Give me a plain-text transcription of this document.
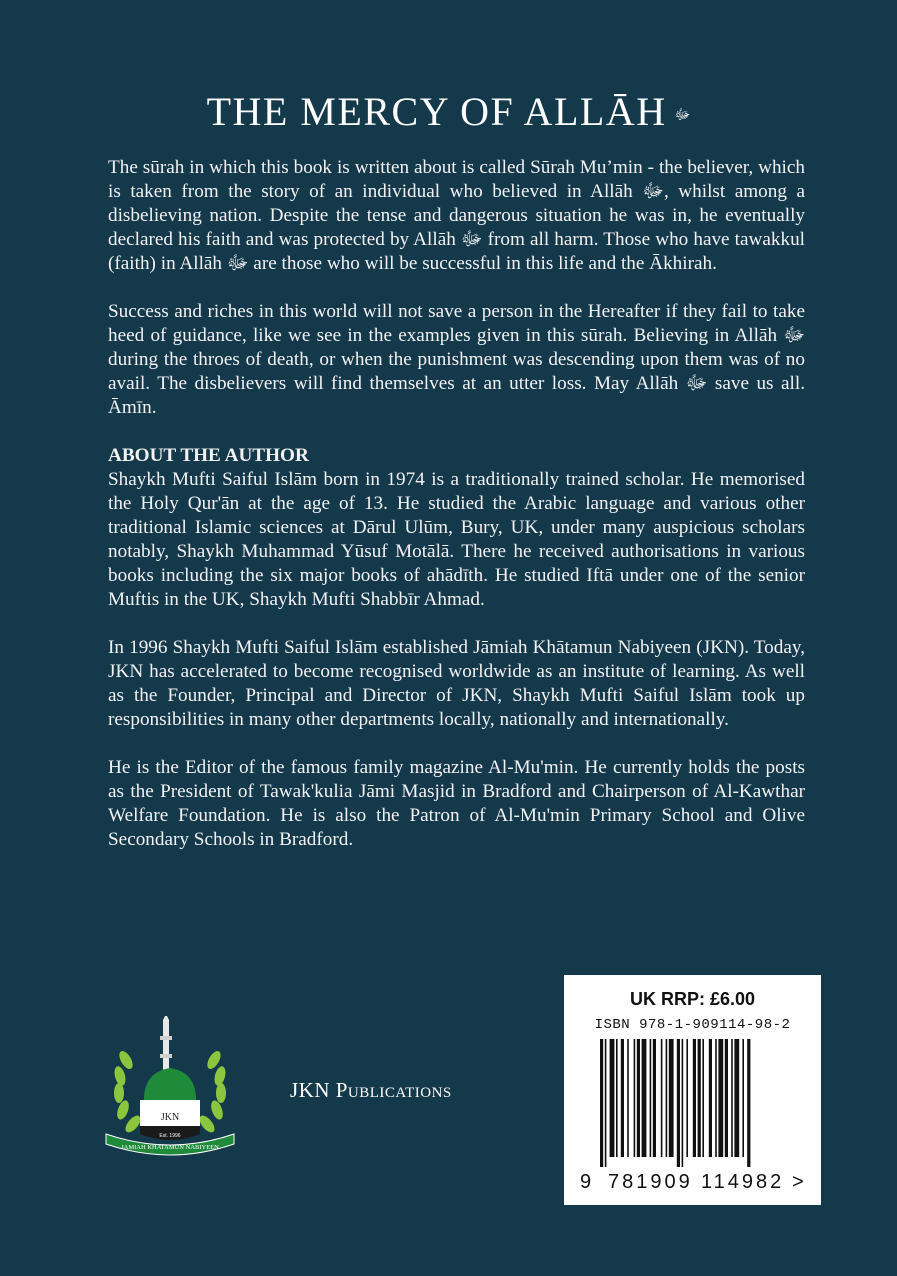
THE MERCY OF ALLĀH ﷻ

The sūrah in which this book is written about is called Sūrah Mu’min - the believer, which is taken from the story of an individual who believed in Allāh ﷻ, whilst among a disbelieving nation. Despite the tense and dangerous situation he was in, he eventually declared his faith and was protected by Allāh ﷻ from all harm. Those who have tawakkul (faith) in Allāh ﷻ are those who will be successful in this life and the Ākhirah.

Success and riches in this world will not save a person in the Hereafter if they fail to take heed of guidance, like we see in the examples given in this sūrah. Believing in Allāh ﷻ during the throes of death, or when the punishment was descending upon them was of no avail. The disbelievers will find themselves at an utter loss. May Allāh ﷻ save us all. Āmīn.

ABOUT THE AUTHOR

Shaykh Mufti Saiful Islām born in 1974 is a traditionally trained scholar. He memorised the Holy Qur'ān at the age of 13. He studied the Arabic language and various other traditional Islamic sciences at Dārul Ulūm, Bury, UK, under many auspicious scholars notably, Shaykh Muhammad Yūsuf Motālā. There he received authorisations in various books including the six major books of ahādīth. He studied Iftā under one of the senior Muftis in the UK, Shaykh Mufti Shabbīr Ahmad.

In 1996 Shaykh Mufti Saiful Islām established Jāmiah Khātamun Nabiyeen (JKN). Today, JKN has accelerated to become recognised worldwide as an institute of learning. As well as the Founder, Principal and Director of JKN, Shaykh Mufti Saiful Islām took up responsibilities in many other departments locally, nationally and internationally.

He is the Editor of the famous family magazine Al-Mu'min. He currently holds the posts as the President of Tawak'kulia Jāmi Masjid in Bradford and Chairperson of Al-Kawthar Welfare Foundation. He is also the Patron of Al-Mu'min Primary School and Olive Secondary Schools in Bradford.

JKN
Est. 1996
JAMIAH KHATAMUN NABIYEEN
JKN Publications
UK RRP: £6.00
ISBN 978-1-909114-98-2
9 781909 114982 >
